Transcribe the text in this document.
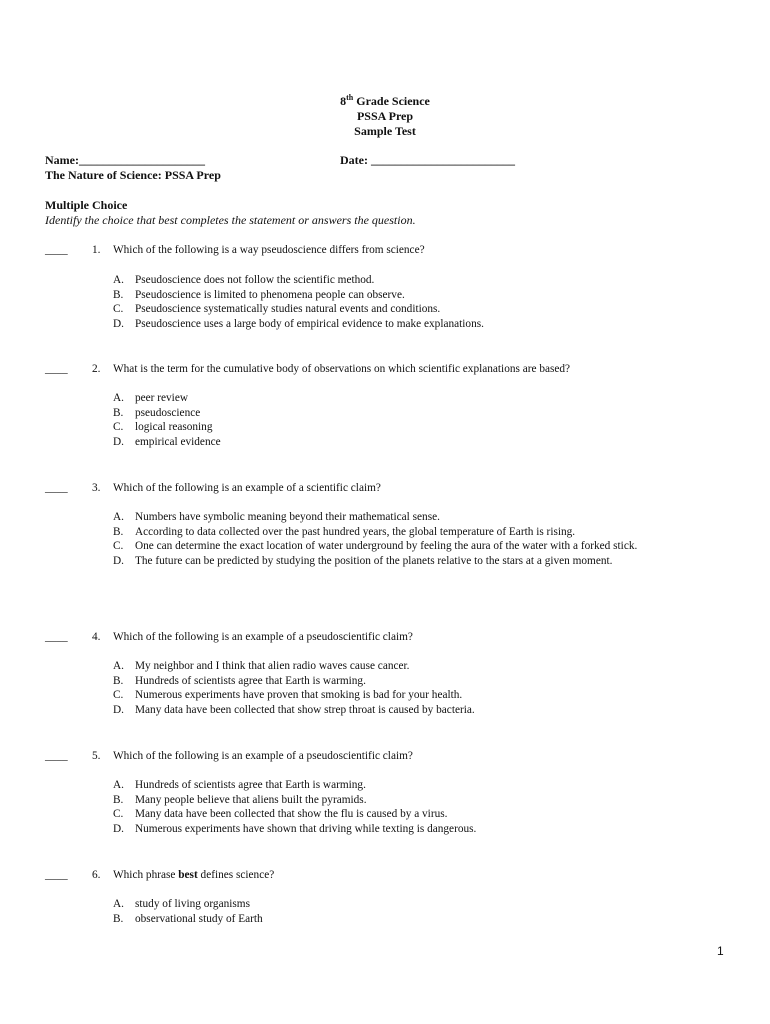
8th Grade Science
PSSA Prep
Sample Test
Name:_____________________	Date: ________________________
The Nature of Science: PSSA Prep
Multiple Choice
Identify the choice that best completes the statement or answers the question.
____ 1. Which of the following is a way pseudoscience differs from science?
A. Pseudoscience does not follow the scientific method.
B. Pseudoscience is limited to phenomena people can observe.
C. Pseudoscience systematically studies natural events and conditions.
D. Pseudoscience uses a large body of empirical evidence to make explanations.
____ 2. What is the term for the cumulative body of observations on which scientific explanations are based?
A. peer review
B. pseudoscience
C. logical reasoning
D. empirical evidence
____ 3. Which of the following is an example of a scientific claim?
A. Numbers have symbolic meaning beyond their mathematical sense.
B. According to data collected over the past hundred years, the global temperature of Earth is rising.
C. One can determine the exact location of water underground by feeling the aura of the water with a forked stick.
D. The future can be predicted by studying the position of the planets relative to the stars at a given moment.
____ 4. Which of the following is an example of a pseudoscientific claim?
A. My neighbor and I think that alien radio waves cause cancer.
B. Hundreds of scientists agree that Earth is warming.
C. Numerous experiments have proven that smoking is bad for your health.
D. Many data have been collected that show strep throat is caused by bacteria.
____ 5. Which of the following is an example of a pseudoscientific claim?
A. Hundreds of scientists agree that Earth is warming.
B. Many people believe that aliens built the pyramids.
C. Many data have been collected that show the flu is caused by a virus.
D. Numerous experiments have shown that driving while texting is dangerous.
____ 6. Which phrase best defines science?
A. study of living organisms
B. observational study of Earth
1
